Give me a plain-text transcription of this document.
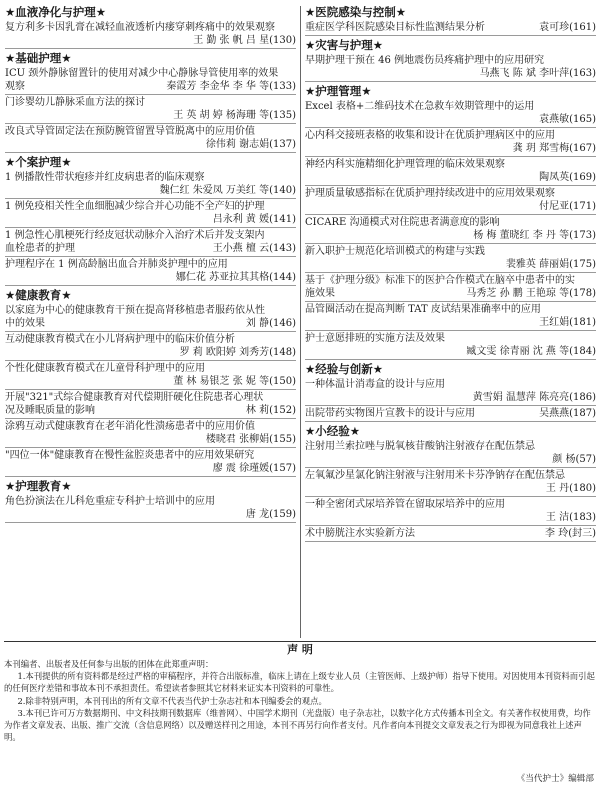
★血液净化与护理★
复方利多卡因乳膏在减轻血液透析内瘘穿刺疼痛中的效果观察
王 勤 张 帆 吕 星(130)
★基础护理★
ICU 颈外静脉留置针的使用对减少中心静脉导管使用率的效果
观察	秦霞芳 李金华 李 华 等(133)
门诊婴幼儿静脉采血方法的探讨
王 英 胡 婷 杨海珊 等(135)
改良式导管固定法在预防腕管留置导管脱离中的应用价值
徐伟莉 谢志娟(137)
★个案护理★
1 例播散性带状疱疹并红皮病患者的临床观察
魏仁红 朱爱凤 万美红 等(140)
1 例免疫相关性全血细胞减少综合并心功能不全产妇的护理
吕永利 黄 媛(141)
1 例急性心肌梗死行经皮冠状动脉介入治疗术后并发支架内
血栓患者的护理	王小燕 檀 云(143)
护理程序在 1 例高龄脑出血合并肺炎护理中的应用
娜仁花 苏亚拉其其格(144)
★健康教育★
以家庭为中心的健康教育干预在提高肾移植患者服药依从性
中的效果	刘 静(146)
互动健康教育模式在小儿肾病护理中的临床价值分析
罗 莉 欧阳婷 刘秀芳(148)
个性化健康教育模式在儿童骨科护理中的应用
董 林 易银芝 张 妮 等(150)
开展"321"式综合健康教育对代偿期肝硬化住院患者心理状
况及睡眠质量的影响	林 莉(152)
涂鸦互动式健康教育在老年消化性溃疡患者中的应用价值
楼晓君 张柳娟(155)
"四位一体"健康教育在慢性盆腔炎患者中的应用效果研究
廖 震 徐瑾媛(157)
★护理教育★
角色扮演法在儿科危重症专科护士培训中的应用
唐 龙(159)
★医院感染与控制★
重症医学科医院感染目标性监测结果分析	袁可珍(161)
★灾害与护理★
早期护理干预在 46 例地震伤员疼痛护理中的应用研究
马燕飞 陈 斌 李叶萍(163)
★护理管理★
Excel 表格+二维码技术在急救车效期管理中的运用
袁燕敏(165)
心内科交接班表格的收集和设计在优质护理病区中的应用
龚 玥 郑雪梅(167)
神经内科实施精细化护理管理的临床效果观察
陶凤英(169)
护理质量敏感指标在优质护理持续改进中的应用效果观察
付尼亚(171)
CICARE 沟通模式对住院患者满意度的影响
杨 梅 董晓红 李 丹 等(173)
新入职护士规范化培训模式的构建与实践
裴雅英 薛丽娟(175)
基于《护理分级》标准下的医护合作模式在脑卒中患者中的实
施效果	马秀芝 孙 鹏 王艳琼 等(178)
品管圈活动在提高判断 TAT 皮试结果准确率中的应用
王红娟(181)
护士意愿排班的实施方法及效果
臧文雯 徐青丽 沈 燕 等(184)
★经验与创新★
一种体温计消毒盒的设计与应用
黄雪娟 温慧萍 陈亮亮(186)
出院带药实物图片宣教卡的设计与应用	吴燕燕(187)
★小经验★
注射用兰索拉唑与脱氧核苷酸钠注射液存在配伍禁忌
颜 杨(57)
左氧氟沙星氯化钠注射液与注射用米卡芬净钠存在配伍禁忌
王 丹(180)
一种全密闭式尿培养管在留取尿培养中的应用
王 洁(183)
术中膀胱注水实验新方法	李 玲(封三)
声 明

本刊编者、出版者及任何参与出版的团体在此郑重声明：

1.本刊提供的所有资料都是经过严格的审稿程序，并符合出版标准，临床上请在上级专业人员（主管医师、上级护师）指导下使用。对因使用本刊资料而引起的任何医疗差错和事故本刊不承担责任。希望读者参照其它材料来证实本刊资料的可靠性。

2.除非特别声明，本刊刊出的所有文章不代表当代护士杂志社和本刊编委会的观点。

3.本刊已许可万方数据期刊、中文科技期刊数据库（维普网）、中国学术期刊（光盘版）电子杂志社，以数字化方式传播本刊全文。有关著作权使用费，均作为作者文章发表、出版、推广交流（含信息网络）以及赠送样刊之用途，本刊不再另行向作者支付。凡作者向本刊提交文章发表之行为即视为同意我社上述声明。

《当代护士》编辑部
